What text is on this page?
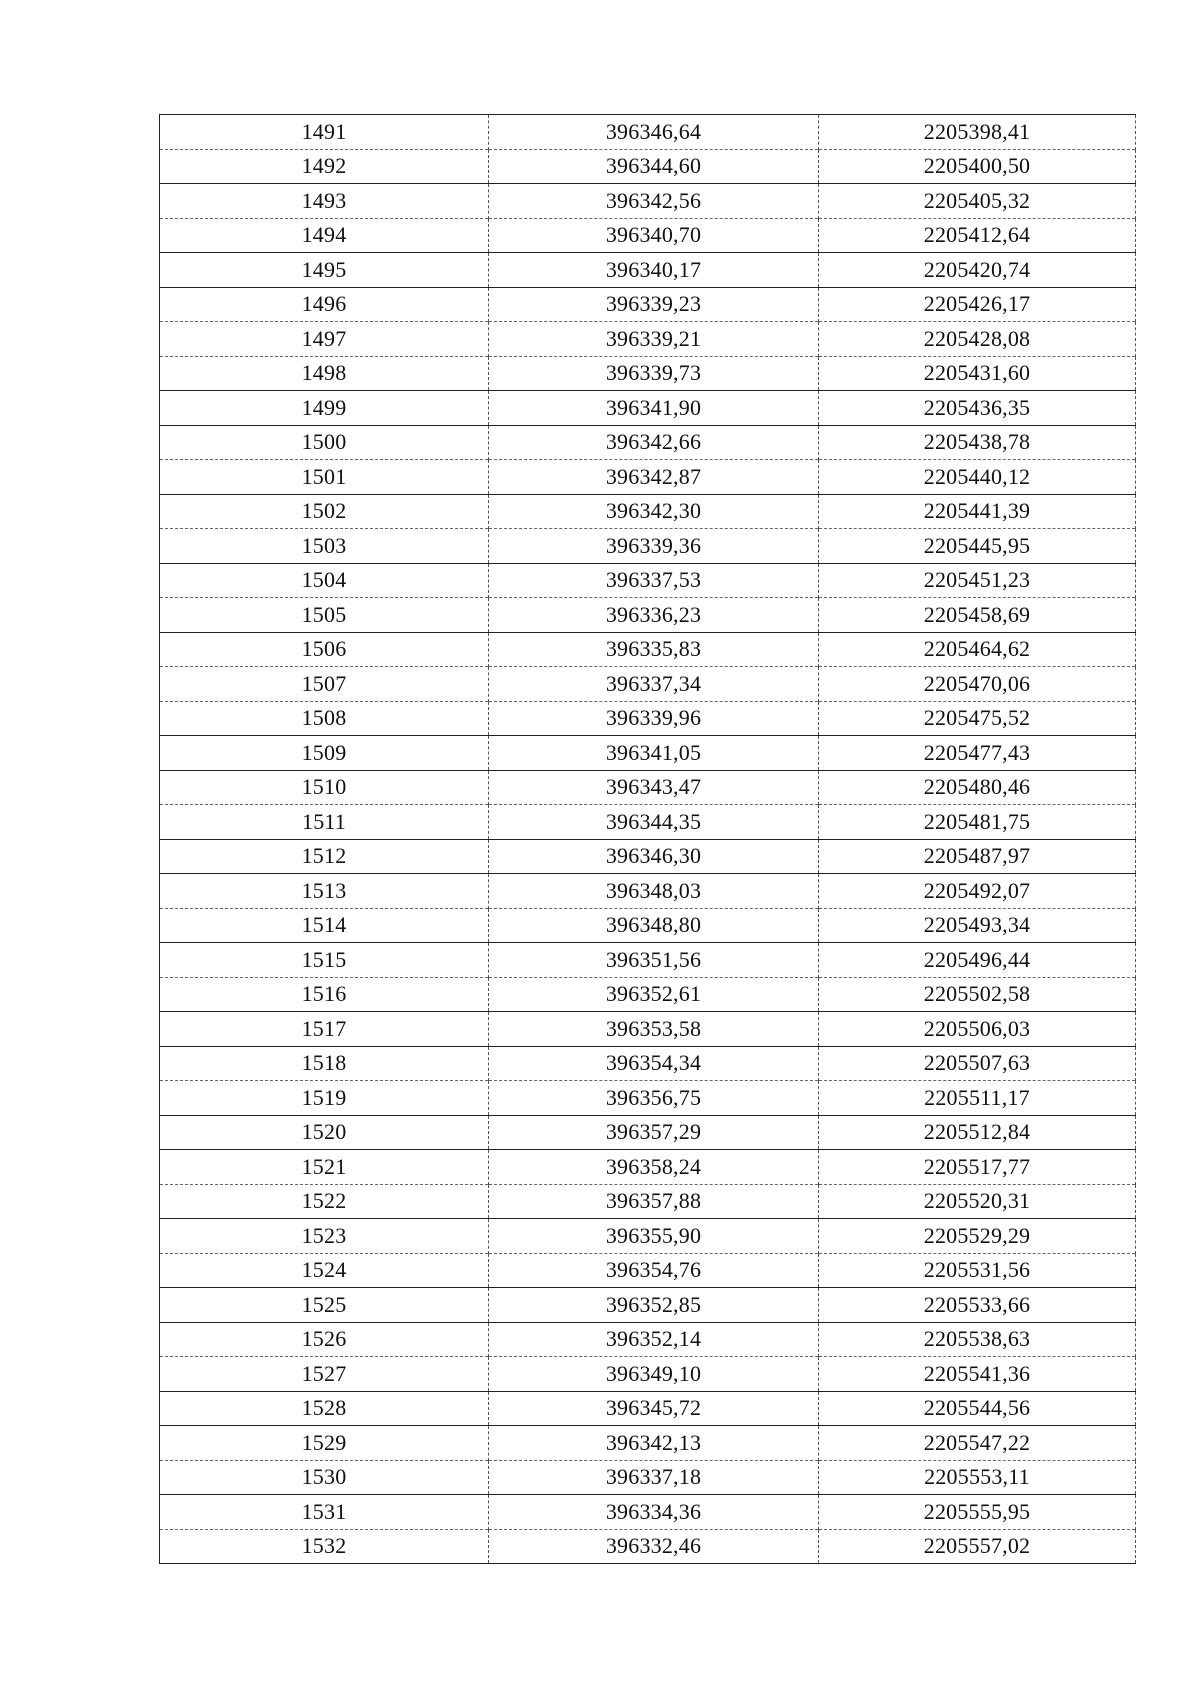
1491	396346,64	2205398,41
1492	396344,60	2205400,50
1493	396342,56	2205405,32
1494	396340,70	2205412,64
1495	396340,17	2205420,74
1496	396339,23	2205426,17
1497	396339,21	2205428,08
1498	396339,73	2205431,60
1499	396341,90	2205436,35
1500	396342,66	2205438,78
1501	396342,87	2205440,12
1502	396342,30	2205441,39
1503	396339,36	2205445,95
1504	396337,53	2205451,23
1505	396336,23	2205458,69
1506	396335,83	2205464,62
1507	396337,34	2205470,06
1508	396339,96	2205475,52
1509	396341,05	2205477,43
1510	396343,47	2205480,46
1511	396344,35	2205481,75
1512	396346,30	2205487,97
1513	396348,03	2205492,07
1514	396348,80	2205493,34
1515	396351,56	2205496,44
1516	396352,61	2205502,58
1517	396353,58	2205506,03
1518	396354,34	2205507,63
1519	396356,75	2205511,17
1520	396357,29	2205512,84
1521	396358,24	2205517,77
1522	396357,88	2205520,31
1523	396355,90	2205529,29
1524	396354,76	2205531,56
1525	396352,85	2205533,66
1526	396352,14	2205538,63
1527	396349,10	2205541,36
1528	396345,72	2205544,56
1529	396342,13	2205547,22
1530	396337,18	2205553,11
1531	396334,36	2205555,95
1532	396332,46	2205557,02
